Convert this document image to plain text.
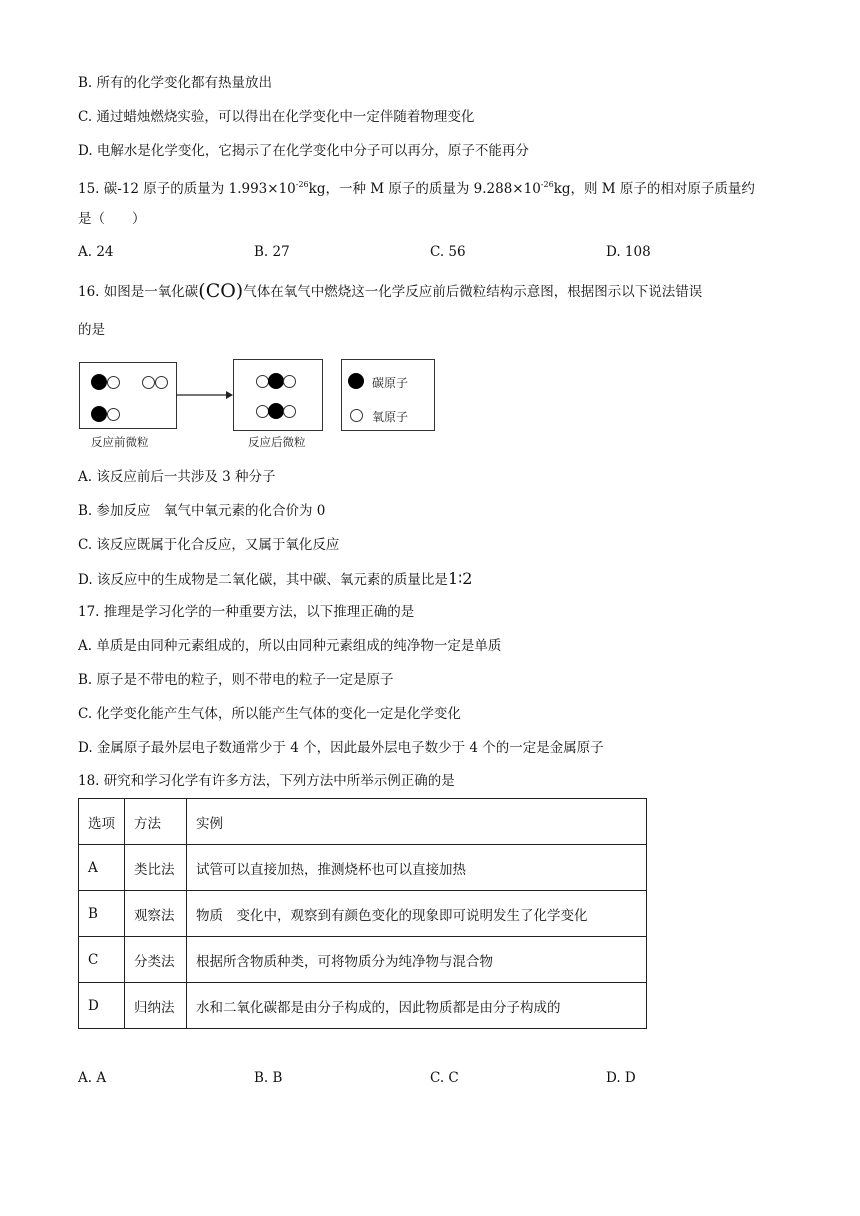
B. 所有的化学变化都有热量放出
C. 通过蜡烛燃烧实验，可以得出在化学变化中一定伴随着物理变化
D. 电解水是化学变化，它揭示了在化学变化中分子可以再分，原子不能再分
15. 碳-12 原子的质量为 $1.993\times 10^{-26}kg$，一种 M 原子的质量为 $9.288\times 10^{-26}kg$，则 M 原子的相对原子质量约
是（　　）
A. 24	B. 27	C. 56	D. 108
16. 如图是一氧化碳(CO)气体在氧气中燃烧这一化学反应前后微粒结构示意图，根据图示以下说法错误
的是
碳原子
氧原子
反应前微粒	反应后微粒
A. 该反应前后一共涉及 3 种分子
B. 参加反应　氧气中氧元素的化合价为 0
C. 该反应既属于化合反应，又属于氧化反应
D. 该反应中的生成物是二氧化碳，其中碳、氧元素的质量比是1∶2
17. 推理是学习化学的一种重要方法，以下推理正确的是
A. 单质是由同种元素组成的，所以由同种元素组成的纯净物一定是单质
B. 原子是不带电的粒子，则不带电的粒子一定是原子
C. 化学变化能产生气体，所以能产生气体的变化一定是化学变化
D. 金属原子最外层电子数通常少于 4 个，因此最外层电子数少于 4 个的一定是金属原子
18. 研究和学习化学有许多方法，下列方法中所举示例正确的是
选项	方法	实例
A	类比法	试管可以直接加热，推测烧杯也可以直接加热
B	观察法	物质　变化中，观察到有颜色变化的现象即可说明发生了化学变化
C	分类法	根据所含物质种类，可将物质分为纯净物与混合物
D	归纳法	水和二氧化碳都是由分子构成的，因此物质都是由分子构成的
A. A	B. B	C. C	D. D
